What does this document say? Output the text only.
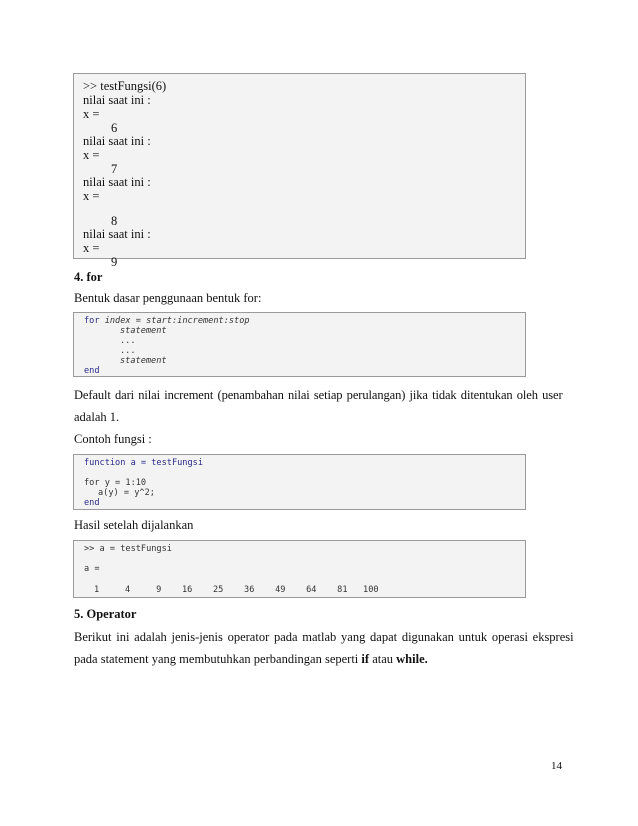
>> testFungsi(6)
nilai saat ini :
x =
6
nilai saat ini :
x =
7
nilai saat ini :
x =
8
nilai saat ini :
x =
9
4. for
Bentuk dasar penggunaan bentuk for:
for index = start:increment:stop
statement
...
...
statement
end
Default dari nilai increment (penambahan nilai setiap perulangan) jika tidak ditentukan oleh user
adalah 1.
Contoh fungsi :
function a = testFungsi
for y = 1:10
a(y) = y^2;
end
Hasil setelah dijalankan
>> a = testFungsi
a =
1     4     9    16    25    36    49    64    81   100
5. Operator
Berikut ini adalah jenis-jenis operator pada matlab yang dapat digunakan untuk operasi ekspresi
pada statement yang membutuhkan perbandingan seperti if atau while.
14
